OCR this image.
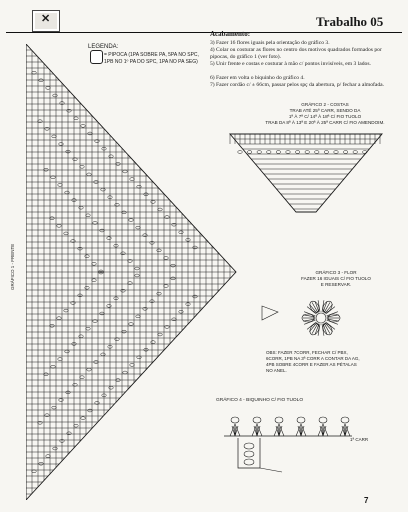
✕	Trabalho 05
LEGENDA:
= PIPOCA (1PA SOBRE PA, 5PA NO SPC,
1PB NO 1º PA DO SPC, 1PA NO PA SEG)
GRÁFICO 1 - FRENTE
Acabamento:
3) Fazer 16 flores iguais pela orientação do gráfico 3.
4) Colar ou costurar as flores no centro dos motivos quadrados formados por pipocas, do gráfico 1 (ver foto).
5) Unir frente e costas e costurar à mão c/ pontos invisíveis, em 3 lados.
6) Fazer em volta o biquinho do gráfico 4.
7) Fazer cordão c/ ± 66cm, passar pelos spç da abertura, p/ fechar a almofada.
GRÁFICO 2 - COSTAS
TRAB ATÉ 25ª CARR, SENDO DA
1ª À 7ª C/ 14ª À 18ª C/ FIO TUOLO
TRAB DA 8ª À 13ª E 20ª À 25ª CARR C/ FIO AMENDOIM.
GRÁFICO 3 - FLOR
FAZER 16 IGUAIS C/ FIO TUOLO
E RESERVAR.
OBS: FAZER 7CORR, FECHAR C/ PBX,
6CORR, 1PB NA 3ª CORR A CONTAR DA AG,
4PB SOBRE 4CORR E FAZER AS PÉTALAS
NO ANEL.
GRÁFICO 4 - BIQUINHO C/ FIO TUOLO
1ª CARR
7
